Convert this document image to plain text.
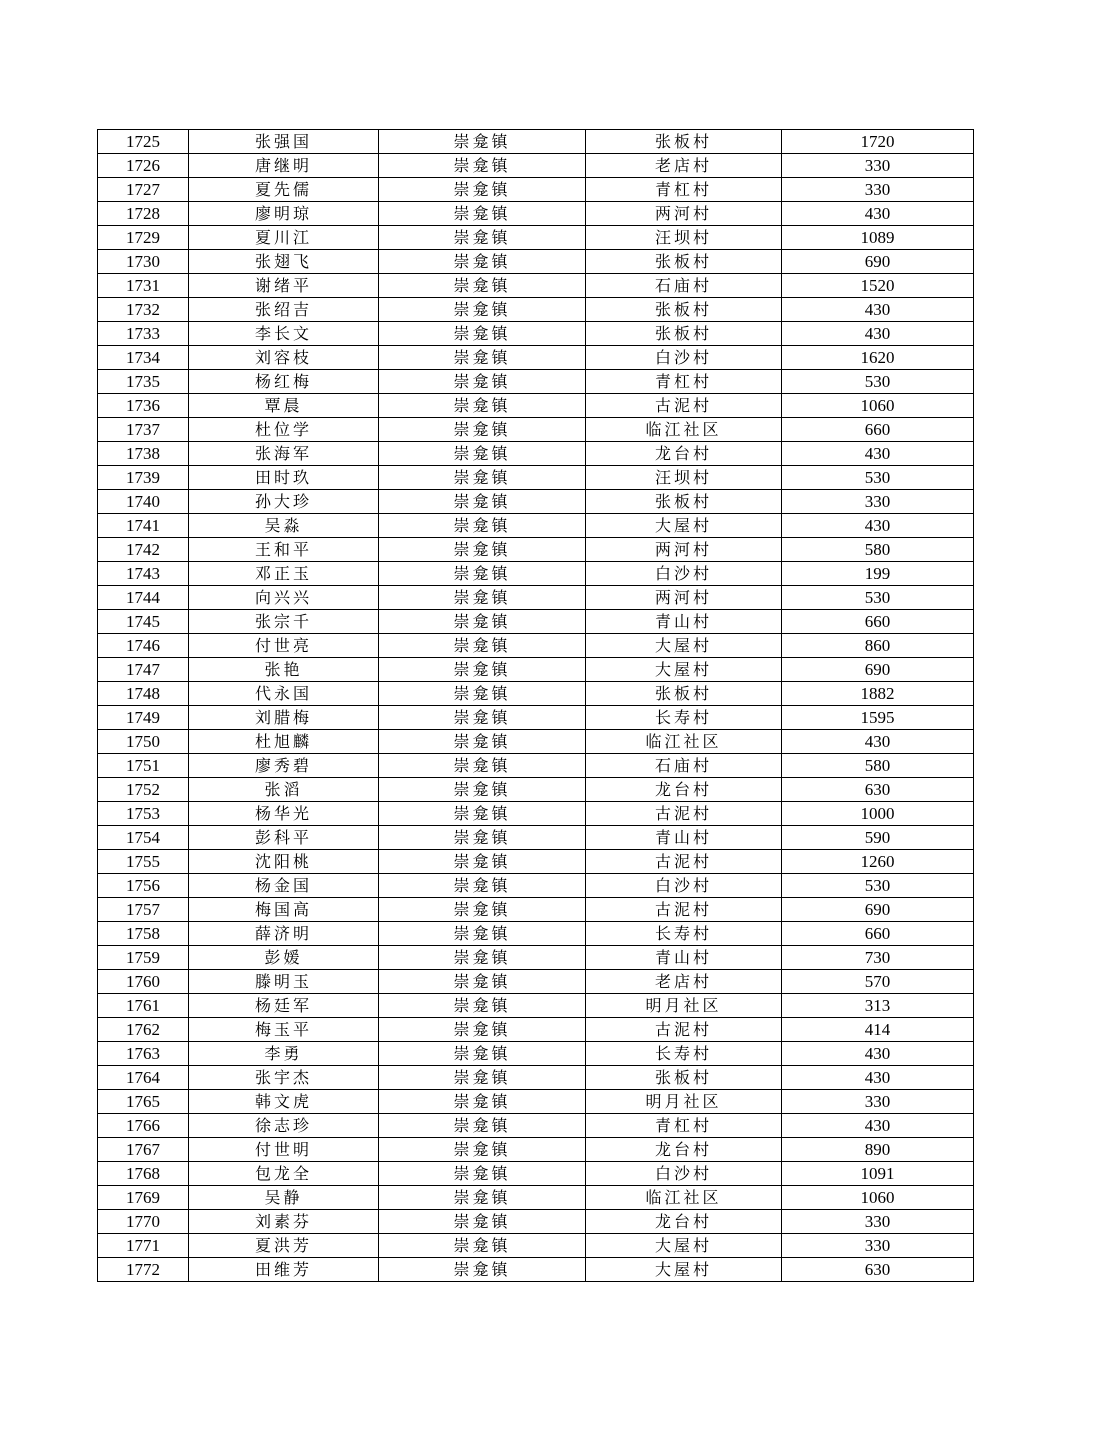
1725	张强国	崇龛镇	张板村	1720
1726	唐继明	崇龛镇	老店村	330
1727	夏先儒	崇龛镇	青杠村	330
1728	廖明琼	崇龛镇	两河村	430
1729	夏川江	崇龛镇	汪坝村	1089
1730	张翅飞	崇龛镇	张板村	690
1731	谢绪平	崇龛镇	石庙村	1520
1732	张绍吉	崇龛镇	张板村	430
1733	李长文	崇龛镇	张板村	430
1734	刘容枝	崇龛镇	白沙村	1620
1735	杨红梅	崇龛镇	青杠村	530
1736	覃晨	崇龛镇	古泥村	1060
1737	杜位学	崇龛镇	临江社区	660
1738	张海军	崇龛镇	龙台村	430
1739	田时玖	崇龛镇	汪坝村	530
1740	孙大珍	崇龛镇	张板村	330
1741	吴淼	崇龛镇	大屋村	430
1742	王和平	崇龛镇	两河村	580
1743	邓正玉	崇龛镇	白沙村	199
1744	向兴兴	崇龛镇	两河村	530
1745	张宗千	崇龛镇	青山村	660
1746	付世亮	崇龛镇	大屋村	860
1747	张艳	崇龛镇	大屋村	690
1748	代永国	崇龛镇	张板村	1882
1749	刘腊梅	崇龛镇	长寿村	1595
1750	杜旭麟	崇龛镇	临江社区	430
1751	廖秀碧	崇龛镇	石庙村	580
1752	张滔	崇龛镇	龙台村	630
1753	杨华光	崇龛镇	古泥村	1000
1754	彭科平	崇龛镇	青山村	590
1755	沈阳桃	崇龛镇	古泥村	1260
1756	杨金国	崇龛镇	白沙村	530
1757	梅国高	崇龛镇	古泥村	690
1758	薛济明	崇龛镇	长寿村	660
1759	彭媛	崇龛镇	青山村	730
1760	滕明玉	崇龛镇	老店村	570
1761	杨廷军	崇龛镇	明月社区	313
1762	梅玉平	崇龛镇	古泥村	414
1763	李勇	崇龛镇	长寿村	430
1764	张宇杰	崇龛镇	张板村	430
1765	韩文虎	崇龛镇	明月社区	330
1766	徐志珍	崇龛镇	青杠村	430
1767	付世明	崇龛镇	龙台村	890
1768	包龙全	崇龛镇	白沙村	1091
1769	吴静	崇龛镇	临江社区	1060
1770	刘素芬	崇龛镇	龙台村	330
1771	夏洪芳	崇龛镇	大屋村	330
1772	田维芳	崇龛镇	大屋村	630
